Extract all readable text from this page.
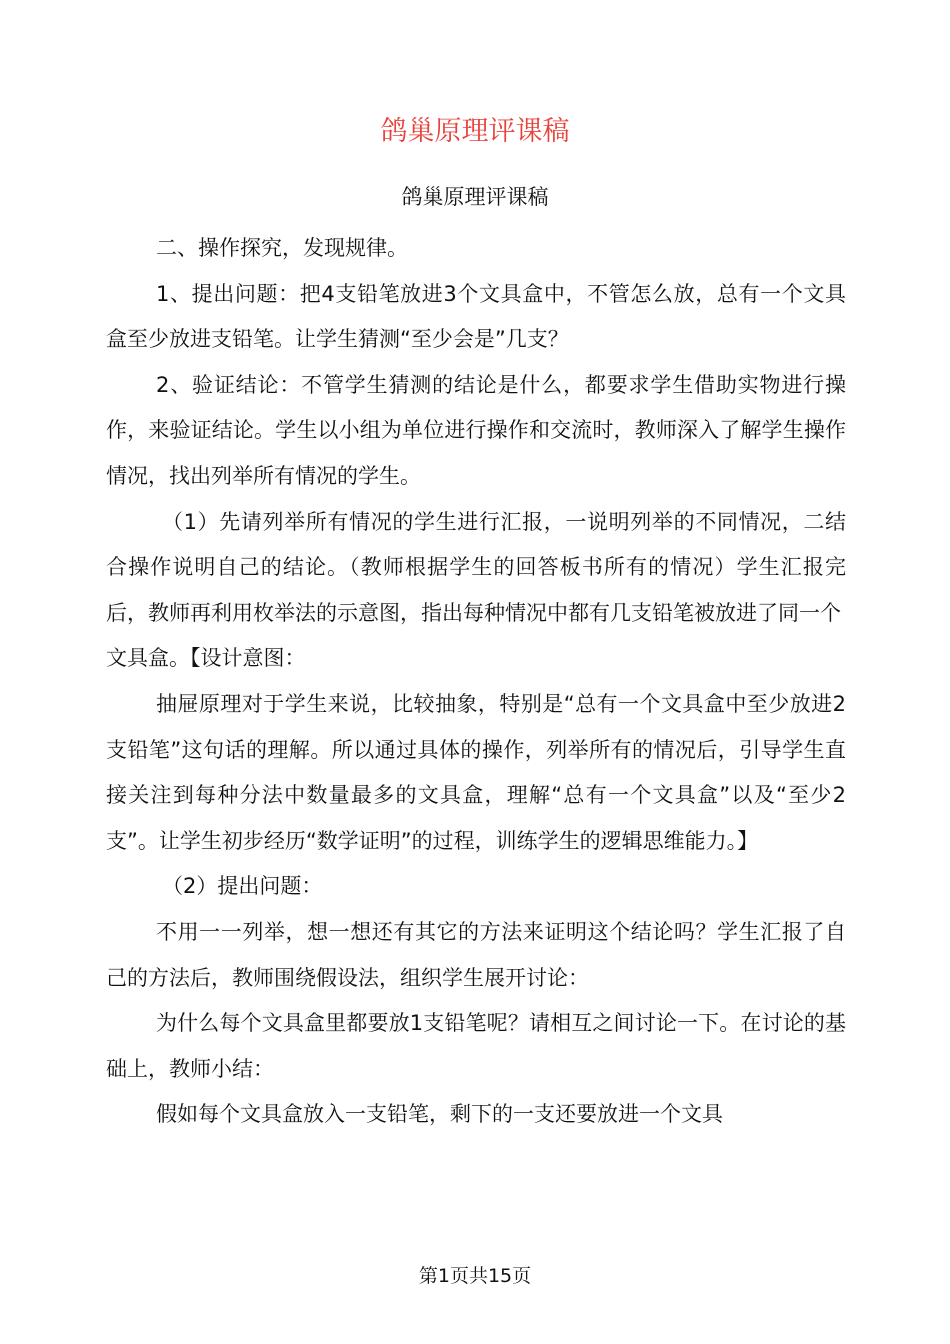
鸽巢原理评课稿
鸽巢原理评课稿

二、操作探究，发现规律。

1、提出问题：把4支铅笔放进3个文具盒中，不管怎么放，总有一个文具盒至少放进支铅笔。让学生猜测“至少会是”几支？

2、验证结论：不管学生猜测的结论是什么，都要求学生借助实物进行操作，来验证结论。学生以小组为单位进行操作和交流时，教师深入了解学生操作情况，找出列举所有情况的学生。

（1）先请列举所有情况的学生进行汇报，一说明列举的不同情况，二结合操作说明自己的结论。（教师根据学生的回答板书所有的情况）学生汇报完后，教师再利用枚举法的示意图，指出每种情况中都有几支铅笔被放进了同一个

文具盒。【设计意图：

抽屉原理对于学生来说，比较抽象，特别是“总有一个文具盒中至少放进2支铅笔”这句话的理解。所以通过具体的操作，列举所有的情况后，引导学生直接关注到每种分法中数量最多的文具盒，理解“总有一个文具盒”以及“至少2支”。让学生初步经历“数学证明”的过程，训练学生的逻辑思维能力。】

（2）提出问题：

不用一一列举，想一想还有其它的方法来证明这个结论吗？学生汇报了自己的方法后，教师围绕假设法，组织学生展开讨论：

为什么每个文具盒里都要放1支铅笔呢？请相互之间讨论一下。在讨论的基础上，教师小结：

假如每个文具盒放入一支铅笔，剩下的一支还要放进一个文具

第1页共15页
